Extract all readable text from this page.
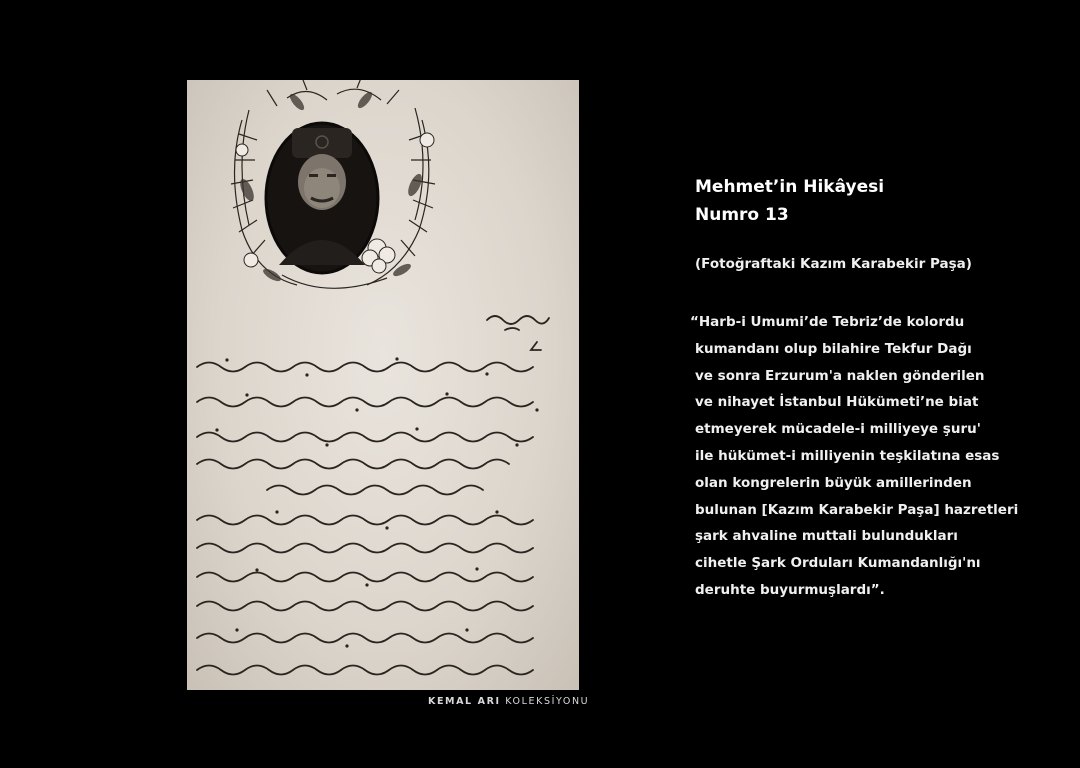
KEMAL ARI KOLEKSİYONU
Mehmet’in Hikâyesi
Numro 13
(Fotoğraftaki Kazım Karabekir Paşa)
“Harb-i Umumi’de Tebriz’de kolordu
kumandanı olup bilahire Tekfur Dağı
ve sonra Erzurum'a naklen gönderilen
ve nihayet İstanbul Hükümeti’ne biat
etmeyerek mücadele-i milliyeye şuru'
ile hükümet-i milliyenin teşkilatına esas
olan kongrelerin büyük amillerinden
bulunan [Kazım Karabekir Paşa] hazretleri
şark ahvaline muttali bulundukları
cihetle Şark Orduları Kumandanlığı'nı
deruhte buyurmuşlardı”.
